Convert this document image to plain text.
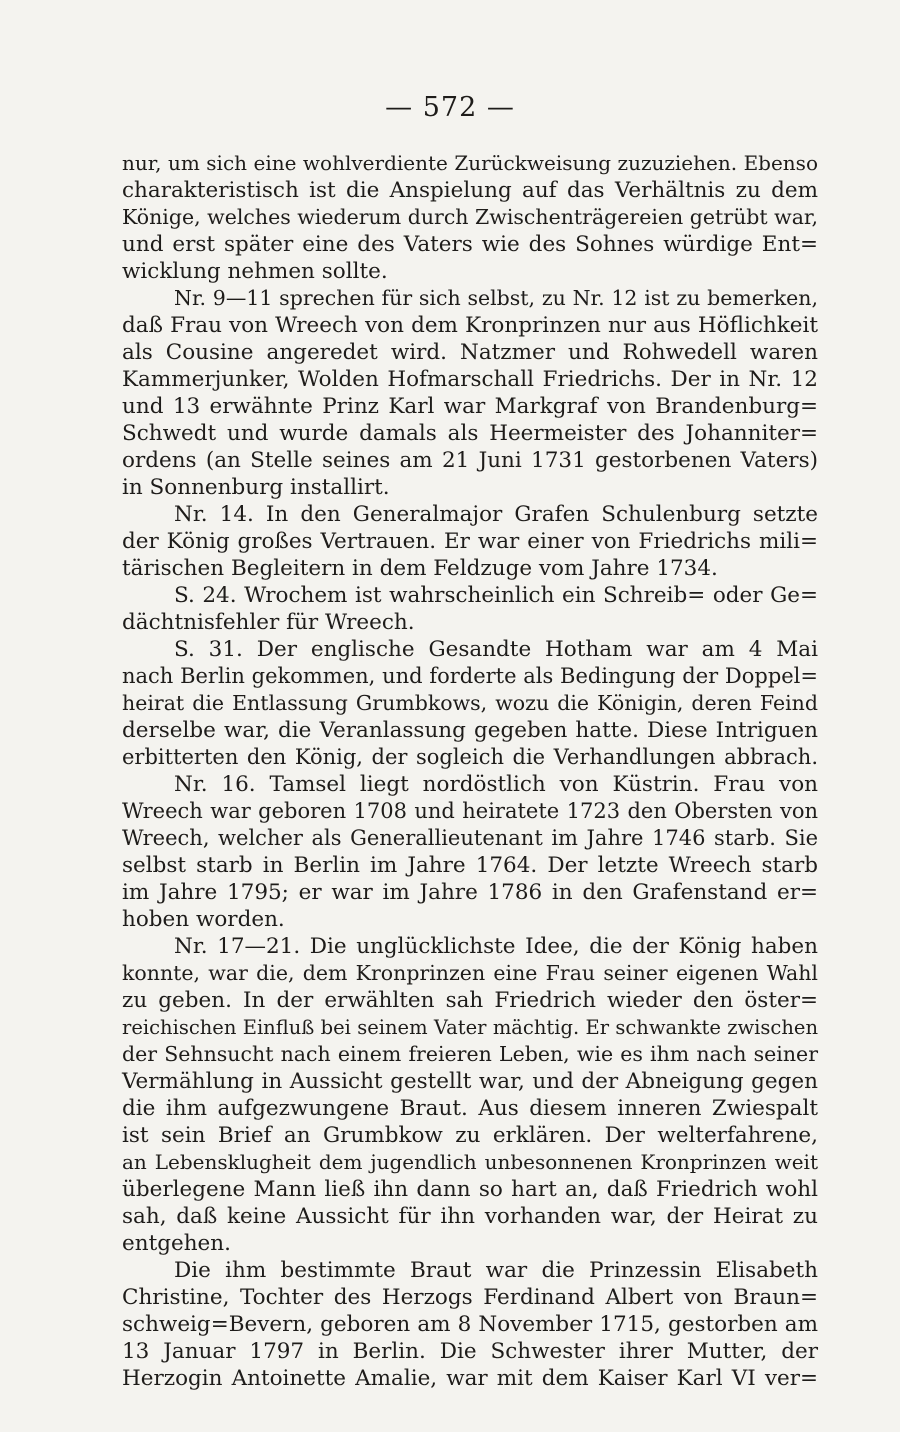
— 572 —
nur, um sich eine wohlverdiente Zurückweisung zuzuziehen. Ebenso
charakteristisch ist die Anspielung auf das Verhältnis zu dem
Könige, welches wiederum durch Zwischenträgereien getrübt war,
und erst später eine des Vaters wie des Sohnes würdige Ent=
wicklung nehmen sollte.
Nr. 9—11 sprechen für sich selbst, zu Nr. 12 ist zu bemerken,
daß Frau von Wreech von dem Kronprinzen nur aus Höflichkeit
als Cousine angeredet wird. Natzmer und Rohwedell waren
Kammerjunker, Wolden Hofmarschall Friedrichs. Der in Nr. 12
und 13 erwähnte Prinz Karl war Markgraf von Brandenburg=
Schwedt und wurde damals als Heermeister des Johanniter=
ordens (an Stelle seines am 21 Juni 1731 gestorbenen Vaters)
in Sonnenburg installirt.
Nr. 14. In den Generalmajor Grafen Schulenburg setzte
der König großes Vertrauen. Er war einer von Friedrichs mili=
tärischen Begleitern in dem Feldzuge vom Jahre 1734.
S. 24. Wrochem ist wahrscheinlich ein Schreib= oder Ge=
dächtnisfehler für Wreech.
S. 31. Der englische Gesandte Hotham war am 4 Mai
nach Berlin gekommen, und forderte als Bedingung der Doppel=
heirat die Entlassung Grumbkows, wozu die Königin, deren Feind
derselbe war, die Veranlassung gegeben hatte. Diese Intriguen
erbitterten den König, der sogleich die Verhandlungen abbrach.
Nr. 16. Tamsel liegt nordöstlich von Küstrin. Frau von
Wreech war geboren 1708 und heiratete 1723 den Obersten von
Wreech, welcher als Generallieutenant im Jahre 1746 starb. Sie
selbst starb in Berlin im Jahre 1764. Der letzte Wreech starb
im Jahre 1795; er war im Jahre 1786 in den Grafenstand er=
hoben worden.
Nr. 17—21. Die unglücklichste Idee, die der König haben
konnte, war die, dem Kronprinzen eine Frau seiner eigenen Wahl
zu geben. In der erwählten sah Friedrich wieder den öster=
reichischen Einfluß bei seinem Vater mächtig. Er schwankte zwischen
der Sehnsucht nach einem freieren Leben, wie es ihm nach seiner
Vermählung in Aussicht gestellt war, und der Abneigung gegen
die ihm aufgezwungene Braut. Aus diesem inneren Zwiespalt
ist sein Brief an Grumbkow zu erklären. Der welterfahrene,
an Lebensklugheit dem jugendlich unbesonnenen Kronprinzen weit
überlegene Mann ließ ihn dann so hart an, daß Friedrich wohl
sah, daß keine Aussicht für ihn vorhanden war, der Heirat zu
entgehen.
Die ihm bestimmte Braut war die Prinzessin Elisabeth
Christine, Tochter des Herzogs Ferdinand Albert von Braun=
schweig=Bevern, geboren am 8 November 1715, gestorben am
13 Januar 1797 in Berlin. Die Schwester ihrer Mutter, der
Herzogin Antoinette Amalie, war mit dem Kaiser Karl VI ver=
